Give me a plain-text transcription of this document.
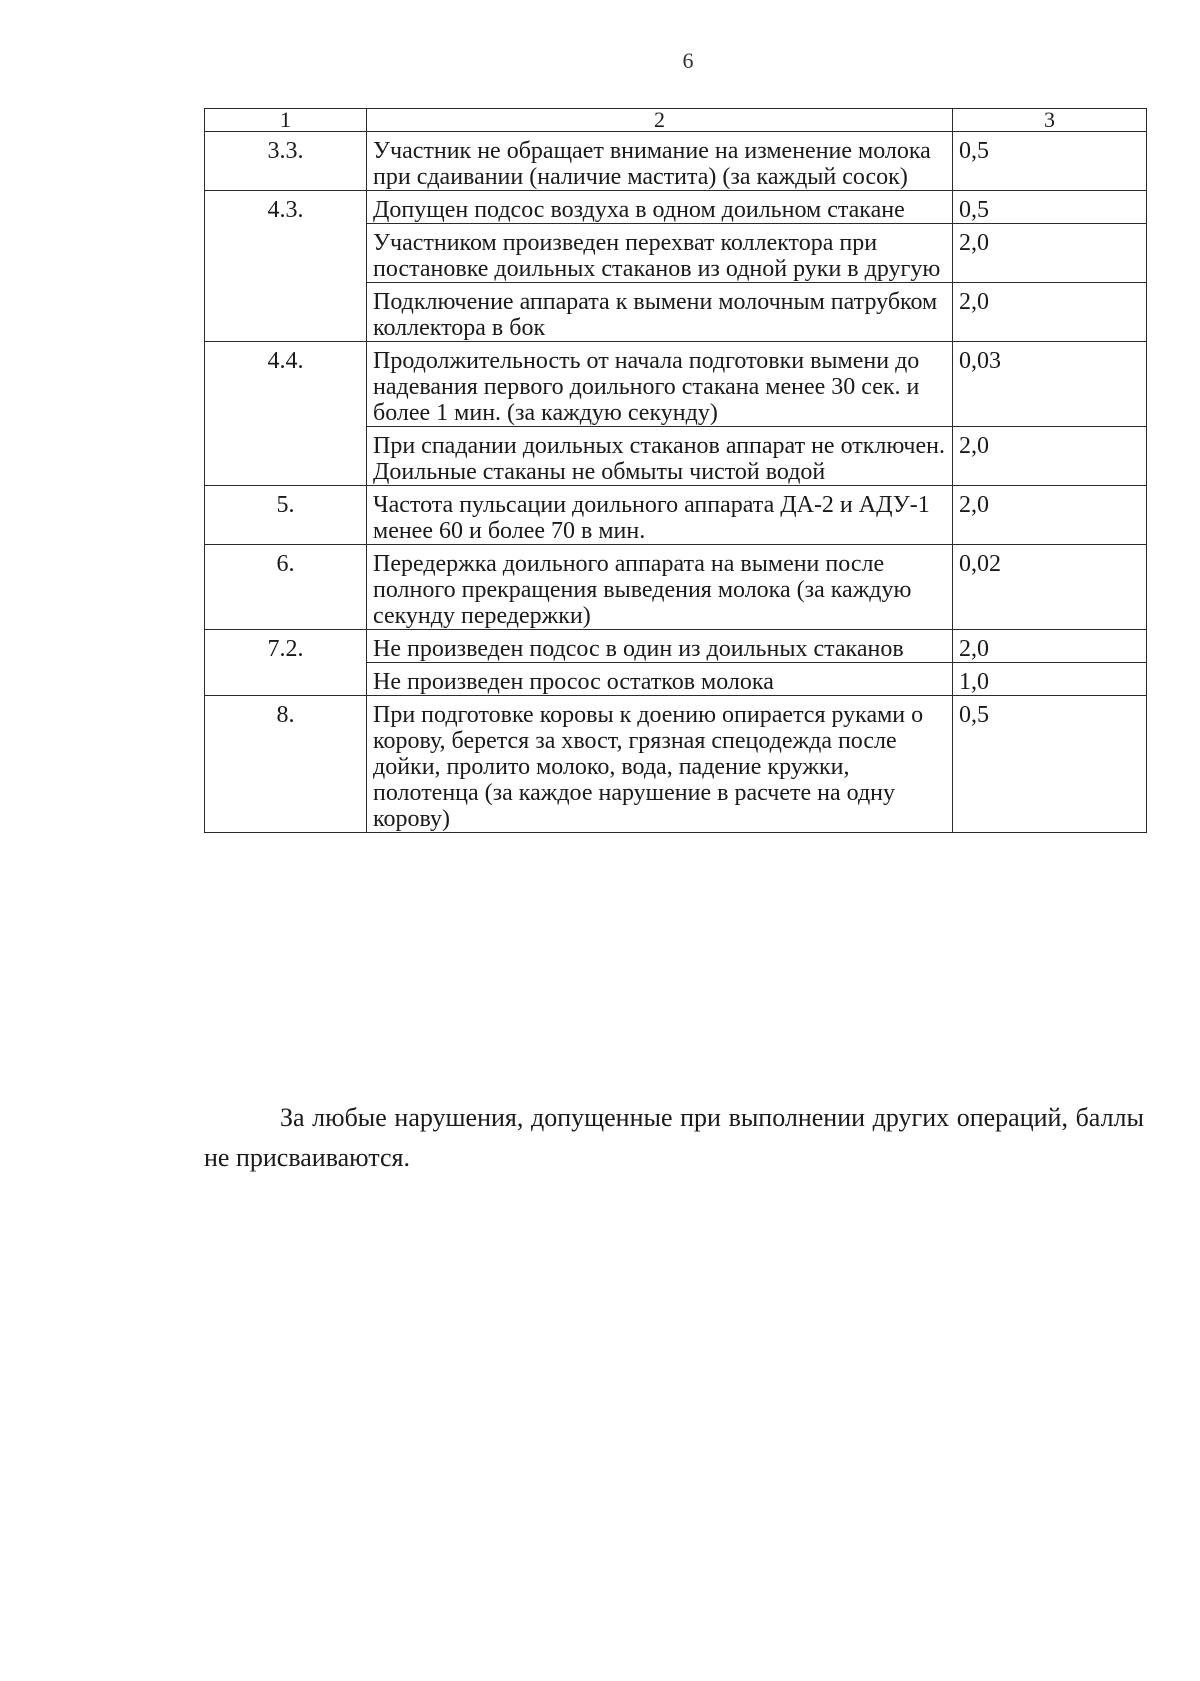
6
1	2	3
3.3.	Участник не обращает внимание на изменение молока при сдаивании (наличие мастита) (за каждый сосок)	0,5
4.3.	Допущен подсос воздуха в одном доильном стакане	0,5
	Участником произведен перехват коллектора при постановке доильных стаканов из одной руки в другую	2,0
	Подключение аппарата к вымени молочным патрубком коллектора в бок	2,0
4.4.	Продолжительность от начала подготовки вымени до надевания первого доильного стакана менее 30 сек. и более 1 мин. (за каждую секунду)	0,03
	При спадании доильных стаканов аппарат не отключен. Доильные стаканы не обмыты чистой водой	2,0
5.	Частота пульсации доильного аппарата ДА-2 и АДУ-1 менее 60 и более 70 в мин.	2,0
6.	Передержка доильного аппарата на вымени после полного прекращения выведения молока (за каждую секунду передержки)	0,02
7.2.	Не произведен подсос в один из доильных стаканов	2,0
	Не произведен просос остатков молока	1,0
8.	При подготовке коровы к доению опирается руками о корову, берется за хвост, грязная спецодежда после дойки, пролито молоко, вода, падение кружки, полотенца (за каждое нарушение в расчете на одну корову)	0,5
За любые нарушения, допущенные при выполнении других операций, баллы не присваиваются.
